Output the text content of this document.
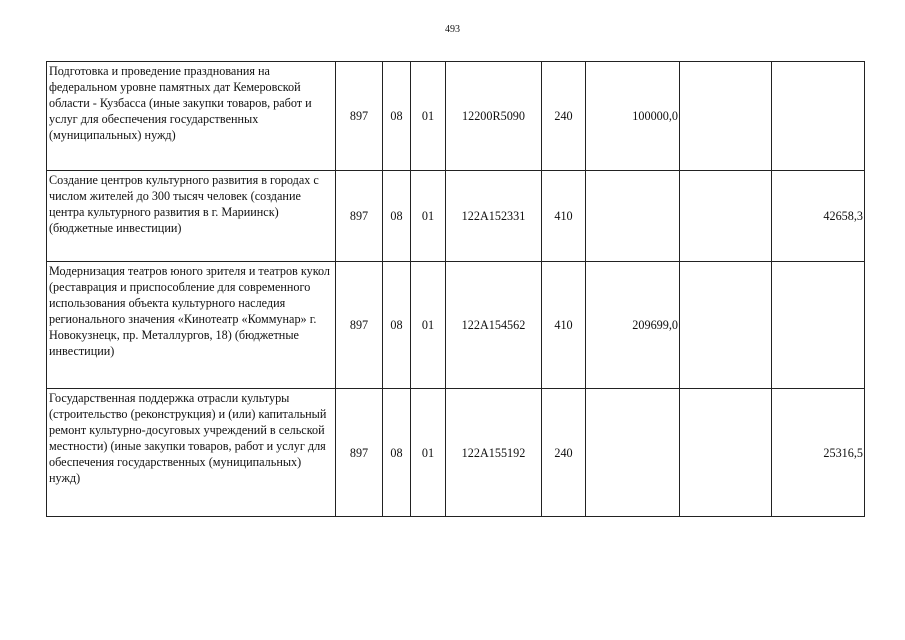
493
Подготовка и проведение празднования на федеральном уровне памятных дат Кемеровской области - Кузбасса (иные закупки товаров, работ и услуг для обеспечения государственных (муниципальных) нужд)	897	08	01	12200R5090	240	100000,0		
Создание центров культурного развития в городах с числом жителей до 300 тысяч человек (создание центра культурного развития в г. Мариинск) (бюджетные инвестиции)	897	08	01	122A152331	410			42658,3
Модернизация театров юного зрителя и театров кукол (реставрация и приспособление для современного использования объекта культурного наследия регионального значения «Кинотеатр «Коммунар» г. Новокузнецк, пр. Металлургов, 18) (бюджетные инвестиции)	897	08	01	122A154562	410	209699,0		
Государственная поддержка отрасли культуры (строительство (реконструкция) и (или) капитальный ремонт культурно-досуговых учреждений в сельской местности) (иные закупки товаров, работ и услуг для обеспечения государственных (муниципальных) нужд)	897	08	01	122A155192	240			25316,5
